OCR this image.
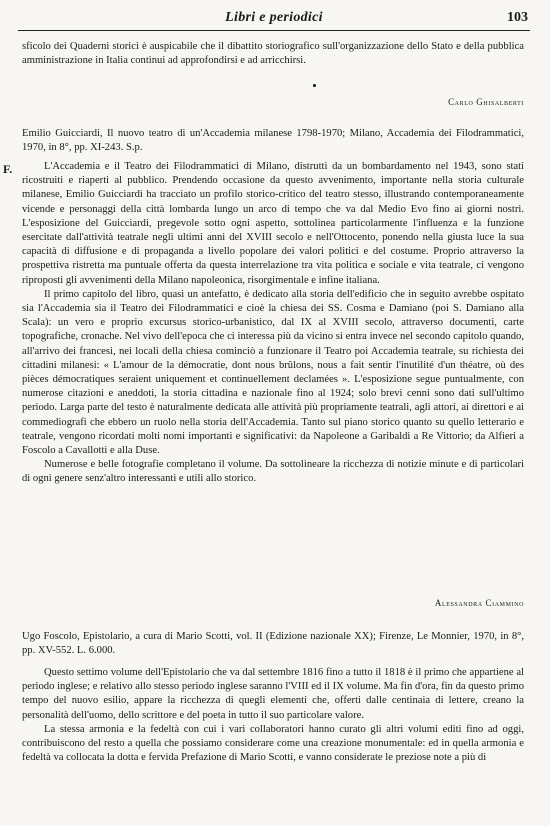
Libri e periodici	103

sficolo dei Quaderni storici è auspicabile che il dibattito storiografico sull'organizzazione dello Stato e della pubblica amministrazione in Italia continui ad approfondirsi e ad arricchirsi.

Carlo Ghisalberti

Emilio Guicciardi, Il nuovo teatro di un'Accademia milanese 1798-1970; Milano, Accademia dei Filodrammatici, 1970, in 8°, pp. XI-243. S.p.

F.	L'Accademia e il Teatro dei Filodrammatici di Milano, distrutti da un bombardamento nel 1943, sono stati ricostruiti e riaperti al pubblico. Prendendo occasione da questo avvenimento, importante nella storia culturale milanese, Emilio Guicciardi ha tracciato un profilo storico-critico del teatro stesso, illustrando contemporaneamente vicende e personaggi della città lombarda lungo un arco di tempo che va dal Medio Evo fino ai giorni nostri. L'esposizione del Guicciardi, pregevole sotto ogni aspetto, sottolinea particolarmente l'influenza e la funzione esercitate dall'attività teatrale negli ultimi anni del XVIII secolo e nell'Ottocento, ponendo nella giusta luce la sua capacità di diffusione e di propaganda a livello popolare dei valori politici e del costume. Proprio attraverso la prospettiva ristretta ma puntuale offerta da questa interrelazione tra vita politica e sociale e vita teatrale, ci vengono riproposti gli avvenimenti della Milano napoleonica, risorgimentale e infine italiana.

Il primo capitolo del libro, quasi un antefatto, è dedicato alla storia dell'edificio che in seguito avrebbe ospitato sia l'Accademia sia il Teatro dei Filodrammatici e cioè la chiesa dei SS. Cosma e Damiano (poi S. Damiano alla Scala): un vero e proprio excursus storico-urbanistico, dal IX al XVIII secolo, attraverso documenti, carte topografiche, cronache. Nel vivo dell'epoca che ci interessa più da vicino si entra invece nel secondo capitolo quando, all'arrivo dei francesi, nei locali della chiesa cominciò a funzionare il Teatro poi Accademia teatrale, su richiesta dei cittadini milanesi: « L'amour de la démocratie, dont nous brûlons, nous a fait sentir l'inutilité d'un théatre, où des pièces démocratiques seraient uniquement et continuellement declamées ». L'esposizione segue puntualmente, con numerose citazioni e aneddoti, la storia cittadina e nazionale fino al 1924; solo brevi cenni sono dati sull'ultimo periodo. Larga parte del testo è naturalmente dedicata alle attività più propriamente teatrali, agli attori, ai direttori e ai commediografi che ebbero un ruolo nella storia dell'Accademia. Tanto sul piano storico quanto su quello letterario e teatrale, vengono ricordati molti nomi importanti e significativi: da Napoleone a Garibaldi a Re Vittorio; da Alfieri a Foscolo a Cavallotti e alla Duse.

Numerose e belle fotografie completano il volume. Da sottolineare la ricchezza di notizie minute e di particolari di ogni genere senz'altro interessanti e utili allo storico.

Alessandra Ciammino

Ugo Foscolo, Epistolario, a cura di Mario Scotti, vol. II (Edizione nazionale XX); Firenze, Le Monnier, 1970, in 8°, pp. XV-552. L. 6.000.

Questo settimo volume dell'Epistolario che va dal settembre 1816 fino a tutto il 1818 è il primo che appartiene al periodo inglese; e relativo allo stesso periodo inglese saranno l'VIII ed il IX volume. Ma fin d'ora, fin da questo primo tempo del nuovo esilio, appare la ricchezza di quegli elementi che, offerti dalle centinaia di lettere, creano la personalità dell'uomo, dello scrittore e del poeta in tutto il suo particolare valore.

La stessa armonia e la fedeltà con cui i vari collaboratori hanno curato gli altri volumi editi fino ad oggi, contribuiscono del resto a quella che possiamo considerare come una creazione monumentale: ed in quella armonia e fedeltà va collocata la dotta e fervida Prefazione di Mario Scotti, e vanno considerate le preziose note a più di
